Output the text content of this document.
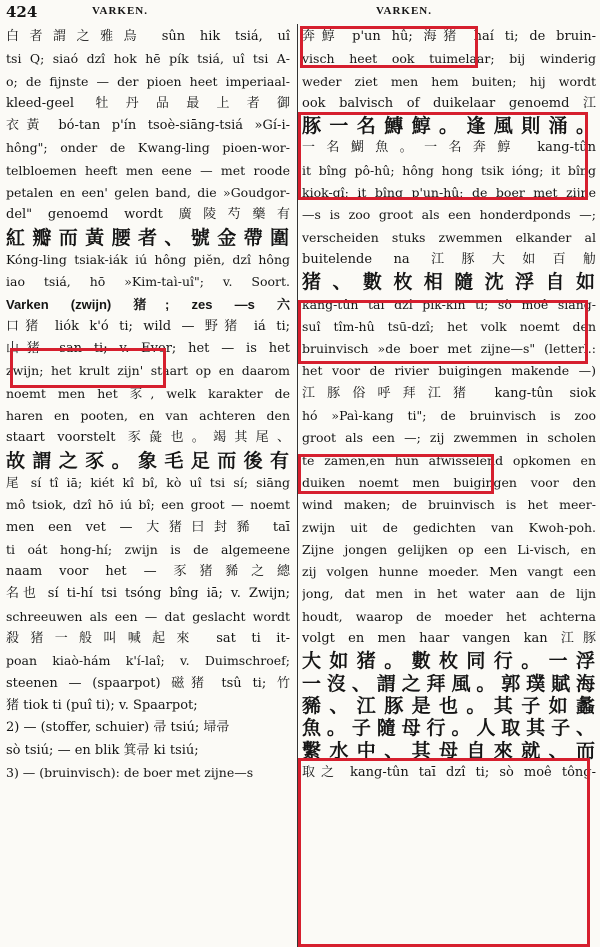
424	VARKEN.	VARKEN.
白者謂之雅烏 sûn hik tsiá, uî
tsi Q; siaó dzî hok hē pík tsiá, uî tsi A-
o; de fijnste — der pioen heet imperiaal-
kleed-geel 牡丹品最上者御
衣黃 bó-tan p'ín tsoè-siāng-tsiá »Gí-i-
hông"; onder de Kwang-ling pioen-wor-
telbloemen heeft men eene — met roode
petalen en een' gelen band, die »Goudgor-
del" genoemd wordt 廣陵芍藥有
紅瓣而黃腰者、號金帶圍
Kóng-ling tsiak-iák iú hông piĕn, dzî hông
iao tsiá, hō »Kim-taì-uî"; v. Soort.
Varken (zwijn) 猪; zes —s 六
口猪 liók k'ó ti; wild — 野猪 iá ti;
山猪 san ti; v. Ever; het — is het
zwijn; het krult zijn' staart op en daarom
noemt men het 豕, welk karakter de
haren en pooten, en van achteren den
staart voorstelt 豕彘也。竭其尾、
故謂之豕。象毛足而後有
尾 sí tî iā; kiét kî bî, kò uî tsi sí; siāng
mô tsiok, dzî hō iú bî; een groot — noemt
men een vet — 大猪曰封豨 taī
ti oát hong-hí; zwijn is de algemeene
naam voor het — 豕猪豨之總
名也 sí ti-hí tsi tsóng bîng iā; v. Zwijn;
schreeuwen als een — dat geslacht wordt
殺猪一般叫喊起來 sat ti it-
poan kiaò-hám k'í-laî; v. Duimschroef;
steenen — (spaarpot) 磁猪 tsû ti; 竹
猪 tiok ti (puî ti); v. Spaarpot;
2) — (stoffer, schuier) 帚 tsiú; 埽帚
sò tsiú; — en blik 箕帚 ki tsiú;
3) — (bruinvisch): de boer met zijne—s
奔鯙 p'un hû; 海猪 haí ti; de bruin-
visch heet ook tuimelaar; bij winderig
weder ziet men hem buiten; hij wordt
ook balvisch of duikelaar genoemd 江
豚一名鱄鯙。逢風則涌。
一名鰗魚。一名奔鯙 kang-tûn
it bîng pô-hû; hông hong tsik ióng; it bîng
kiok-gî; it bîng p'un-hû; de boer met zijne
—s is zoo groot als een honderdponds —;
verscheiden stuks zwemmen elkander al
buitelende na 江豚大如百觔
猪、數枚相隨沈浮自如
kang-tûn taī dzî pik-kin ti; sò moê siang-
suî tîm-hû tsū-dzî; het volk noemt den
bruinvisch »de boer met zijne—s" (letterl.:
het voor de rivier buigingen makende —)
江豚俗呼拜江猪 kang-tûn siok
hó »Paì-kang ti"; de bruinvisch is zoo
groot als een —; zij zwemmen in scholen
te zamen,en hun afwisselend opkomen en
duiken noemt men buigingen voor den
wind maken; de bruinvisch is het meer-
zwijn uit de gedichten van Kwoh-poh.
Zijne jongen gelijken op een Li-visch, en
zij volgen hunne moeder. Men vangt een
jong, dat men in het water aan de lijn
houdt, waarop de moeder het achterna
volgt en men haar vangen kan 江豚
大如猪。數枚同行。一浮
一沒、謂之拜風。郭璞賦海
豨、江豚是也。其子如蠡
魚。子隨母行。人取其子、
繫水中、其母自來就、而
取之 kang-tûn taī dzî ti; sò moê tông-
